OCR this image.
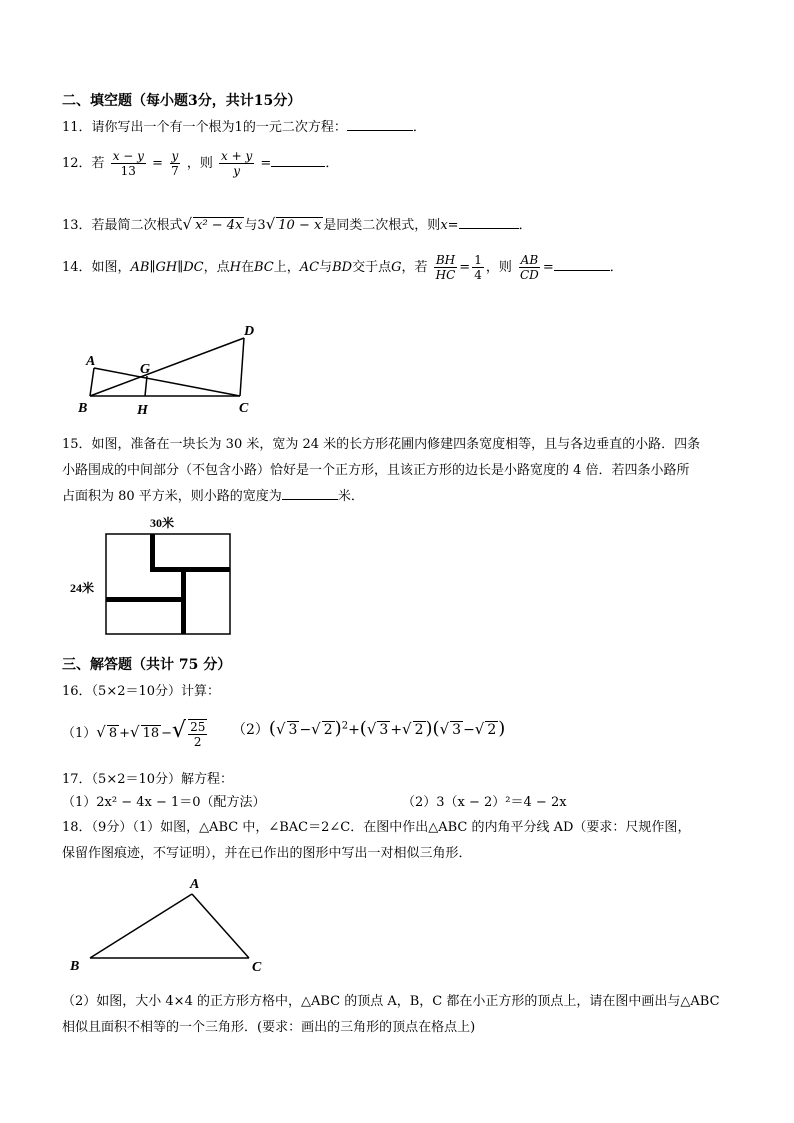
二、填空题（每小题3分，共计15分）
11．请你写出一个有一个根为1的一元二次方程：	．
12．若 $\frac{x - y}{13} = \frac{y}{7}$ ，则 $\frac{x + y}{y}$ =	．
13．若最简二次根式√ x² − 4x 与3√ 10 − x 是同类二次根式，则x=	．
14．如图，AB∥GH∥DC，点H在BC上，AC与BD交于点G，若 $\frac{BH}{HC} = \frac{1}{4}$ ，则 $\frac{AB}{CD}$ =	．
A
B	C
D
G
H
15．如图，准备在一块长为 30 米，宽为 24 米的长方形花圃内修建四条宽度相等，且与各边垂直的小路．四条
小路围成的中间部分（不包含小路）恰好是一个正方形，且该正方形的边长是小路宽度的 4 倍．若四条小路所
占面积为 80 平方米，则小路的宽度为	米．
30米
24米
三、解答题（共计 75 分）
16．（5×2＝10分）计算：
（1）√ 8 +√ 18 −√ $\frac{25}{2} (2)(√$ 3 −√ 2 )$^2$+(√ 3 +√ 2 )(√ 3 −√ 2 )
17．（5×2＝10分）解方程：
（1）2x² − 4x − 1＝0（配方法）	（2）3（x − 2）²＝4 − 2x
18．（9分）（1）如图，△ABC 中，∠BAC＝2∠C．在图中作出△ABC 的内角平分线 AD（要求：尺规作图，
保留作图痕迹，不写证明），并在已作出的图形中写出一对相似三角形．
A
B	C
（2）如图，大小 4×4 的正方形方格中，△ABC 的顶点 A，B，C 都在小正方形的顶点上，请在图中画出与△ABC
相似且面积不相等的一个三角形．(要求：画出的三角形的顶点在格点上)
